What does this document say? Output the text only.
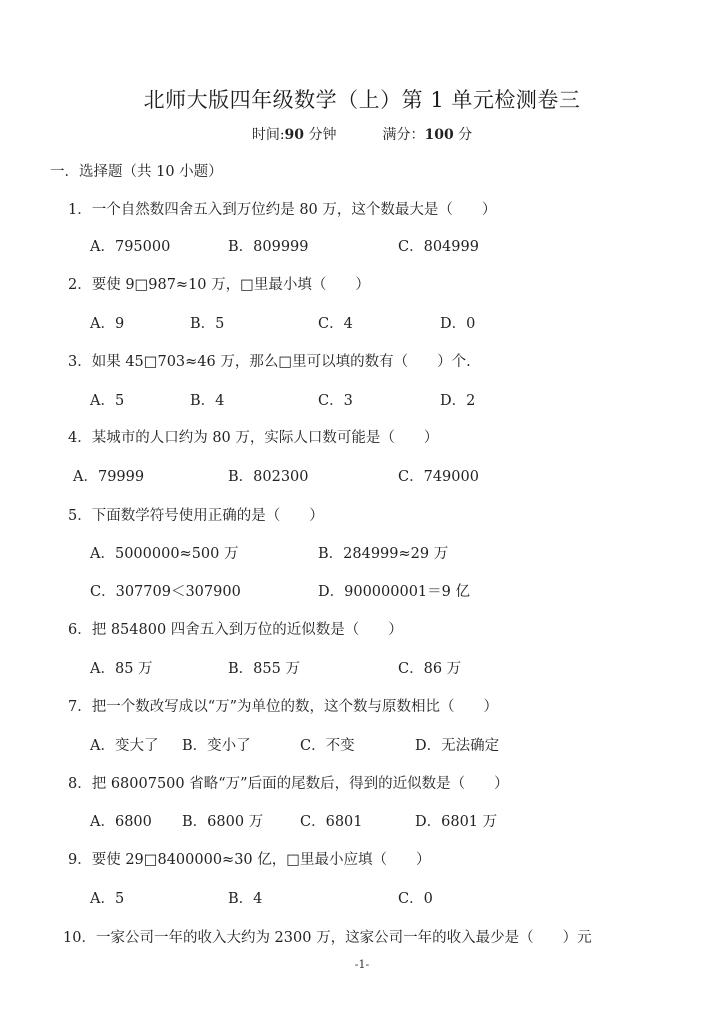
北师大版四年级数学（上）第 1 单元检测卷三
时间:90 分钟	满分：100 分
一．选择题（共 10 小题）
1．一个自然数四舍五入到万位约是 80 万，这个数最大是（　　）
A．795000	B．809999	C．804999
2．要使 9□987≈10 万，□里最小填（　　）
A．9	B．5	C．4	D．0
3．如果 45□703≈46 万，那么□里可以填的数有（　　）个.
A．5	B．4	C．3	D．2
4．某城市的人口约为 80 万，实际人口数可能是（　　）
A．79999	B．802300	C．749000
5．下面数学符号使用正确的是（　　）
A．5000000≈500 万	B．284999≈29 万
C．307709＜307900	D．900000001＝9 亿
6．把 854800 四舍五入到万位的近似数是（　　）
A．85 万	B．855 万	C．86 万
7．把一个数改写成以“万”为单位的数，这个数与原数相比（　　）
A．变大了 B．变小了	C．不变	D．无法确定
8．把 68007500 省略“万”后面的尾数后，得到的近似数是（　　）
A．6800 B．6800 万	C．6801	D．6801 万
9．要使 29□8400000≈30 亿，□里最小应填（　　）
A．5	B．4	C．0
10．一家公司一年的收入大约为 2300 万，这家公司一年的收入最少是（　　）元
-1-
